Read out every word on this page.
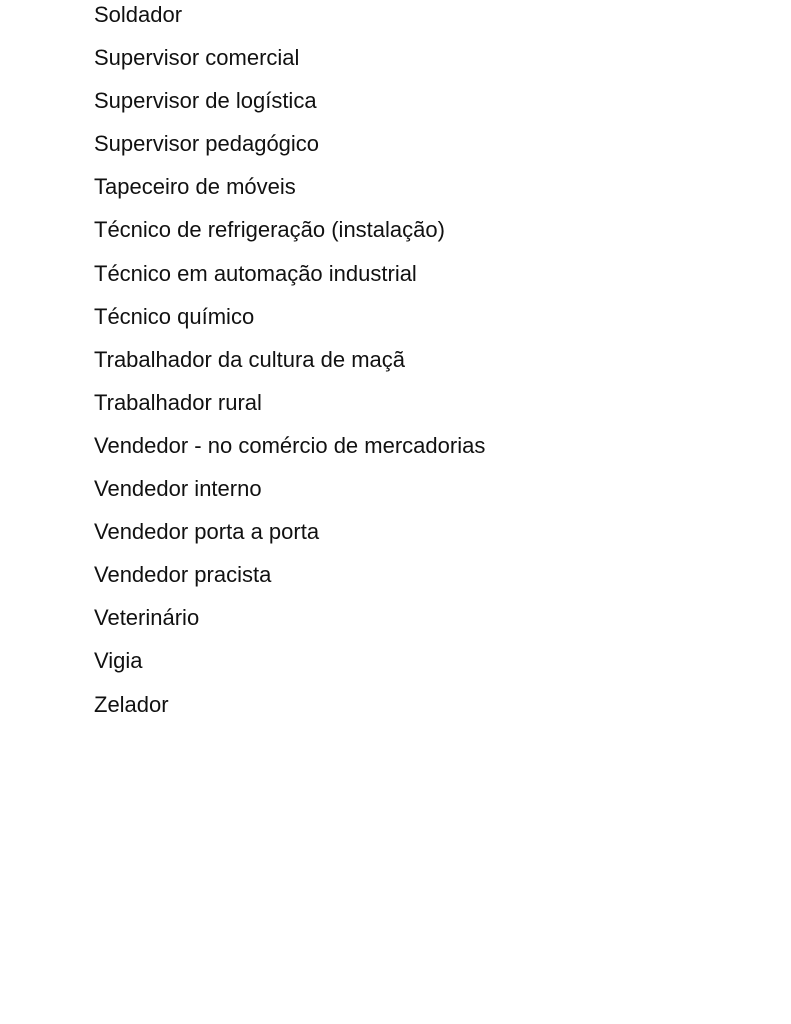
Soldador
Supervisor comercial
Supervisor de logística
Supervisor pedagógico
Tapeceiro de móveis
Técnico de refrigeração (instalação)
Técnico em automação industrial
Técnico químico
Trabalhador da cultura de maçã
Trabalhador rural
Vendedor - no comércio de mercadorias
Vendedor interno
Vendedor porta a porta
Vendedor pracista
Veterinário
Vigia
Zelador
